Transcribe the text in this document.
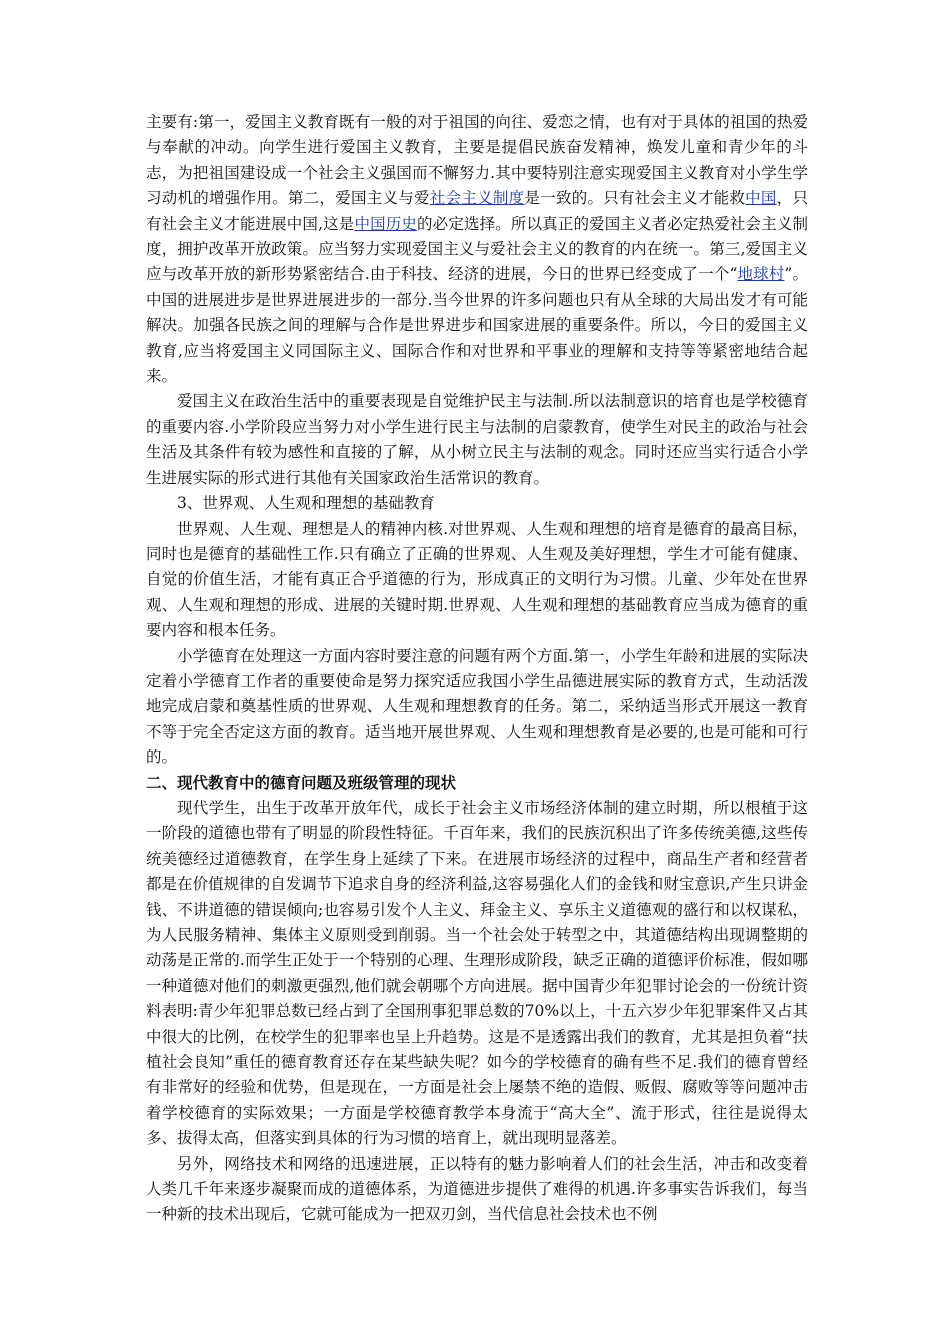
主要有:第一，爱国主义教育既有一般的对于祖国的向往、爱恋之情，也有对于具体的祖国的热爱与奉献的冲动。向学生进行爱国主义教育，主要是提倡民族奋发精神，焕发儿童和青少年的斗志，为把祖国建设成一个社会主义强国而不懈努力.其中要特别注意实现爱国主义教育对小学生学习动机的增强作用。第二，爱国主义与爱社会主义制度是一致的。只有社会主义才能救中国，只有社会主义才能进展中国,这是中国历史的必定选择。所以真正的爱国主义者必定热爱社会主义制度，拥护改革开放政策。应当努力实现爱国主义与爱社会主义的教育的内在统一。第三,爱国主义应与改革开放的新形势紧密结合.由于科技、经济的进展，今日的世界已经变成了一个“地球村”。中国的进展进步是世界进展进步的一部分.当今世界的许多问题也只有从全球的大局出发才有可能解决。加强各民族之间的理解与合作是世界进步和国家进展的重要条件。所以，今日的爱国主义教育,应当将爱国主义同国际主义、国际合作和对世界和平事业的理解和支持等等紧密地结合起来。

爱国主义在政治生活中的重要表现是自觉维护民主与法制.所以法制意识的培育也是学校德育的重要内容.小学阶段应当努力对小学生进行民主与法制的启蒙教育，使学生对民主的政治与社会生活及其条件有较为感性和直接的了解，从小树立民主与法制的观念。同时还应当实行适合小学生进展实际的形式进行其他有关国家政治生活常识的教育。

3、世界观、人生观和理想的基础教育

世界观、人生观、理想是人的精神内核.对世界观、人生观和理想的培育是德育的最高目标，同时也是德育的基础性工作.只有确立了正确的世界观、人生观及美好理想，学生才可能有健康、自觉的价值生活，才能有真正合乎道德的行为，形成真正的文明行为习惯。儿童、少年处在世界观、人生观和理想的形成、进展的关键时期.世界观、人生观和理想的基础教育应当成为德育的重要内容和根本任务。

小学德育在处理这一方面内容时要注意的问题有两个方面.第一，小学生年龄和进展的实际决定着小学德育工作者的重要使命是努力探究适应我国小学生品德进展实际的教育方式，生动活泼地完成启蒙和奠基性质的世界观、人生观和理想教育的任务。第二，采纳适当形式开展这一教育不等于完全否定这方面的教育。适当地开展世界观、人生观和理想教育是必要的,也是可能和可行的。

二、现代教育中的德育问题及班级管理的现状

现代学生，出生于改革开放年代，成长于社会主义市场经济体制的建立时期，所以根植于这一阶段的道德也带有了明显的阶段性特征。千百年来，我们的民族沉积出了许多传统美德,这些传统美德经过道德教育，在学生身上延续了下来。在进展市场经济的过程中，商品生产者和经营者都是在价值规律的自发调节下追求自身的经济利益,这容易强化人们的金钱和财宝意识,产生只讲金钱、不讲道德的错误倾向;也容易引发个人主义、拜金主义、享乐主义道德观的盛行和以权谋私，为人民服务精神、集体主义原则受到削弱。当一个社会处于转型之中，其道德结构出现调整期的动荡是正常的.而学生正处于一个特别的心理、生理形成阶段，缺乏正确的道德评价标准，假如哪一种道德对他们的刺激更强烈,他们就会朝哪个方向进展。据中国青少年犯罪讨论会的一份统计资料表明:青少年犯罪总数已经占到了全国刑事犯罪总数的70%以上，十五六岁少年犯罪案件又占其中很大的比例，在校学生的犯罪率也呈上升趋势。这是不是透露出我们的教育，尤其是担负着“扶植社会良知”重任的德育教育还存在某些缺失呢？如今的学校德育的确有些不足.我们的德育曾经有非常好的经验和优势，但是现在，一方面是社会上屡禁不绝的造假、贩假、腐败等等问题冲击着学校德育的实际效果；一方面是学校德育教学本身流于“高大全”、流于形式，往往是说得太多、拔得太高，但落实到具体的行为习惯的培育上，就出现明显落差。

另外，网络技术和网络的迅速进展，正以特有的魅力影响着人们的社会生活，冲击和改变着人类几千年来逐步凝聚而成的道德体系，为道德进步提供了难得的机遇.许多事实告诉我们，每当一种新的技术出现后，它就可能成为一把双刃剑，当代信息社会技术也不例
